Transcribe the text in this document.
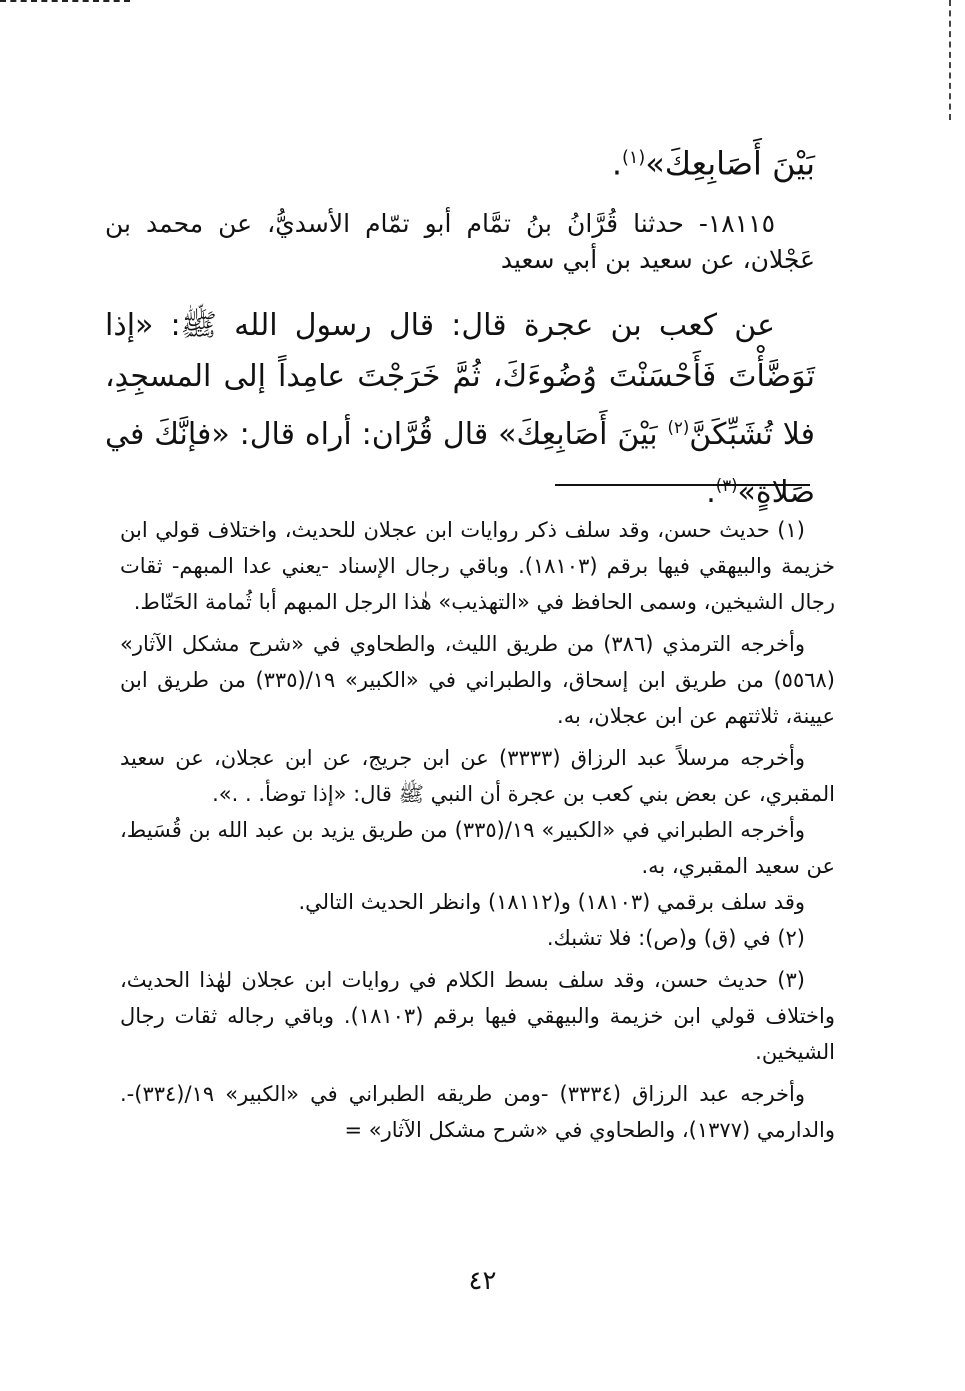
بَيْنَ أَصَابِعِكَ»$^{(١)}$.

١٨١١٥- حدثنا قُرَّانُ بنُ تمَّام أبو تمّام الأسديُّ، عن محمد بن عَجْلان، عن سعيد بن أبي سعيد

عن كعب بن عجرة قال: قال رسول الله ﷺ: «إذا تَوَضَّأْتَ فَأَحْسَنْتَ وُضُوءَكَ، ثُمَّ خَرَجْتَ عامِداً إلى المسجِدِ، فلا تُشَبِّكَنَّ$^{(٢)}$ بَيْنَ أَصَابِعِكَ» قال قُرَّان: أراه قال: «فإنَّكَ في صَلاةٍ»$^{(٣)}$.

(١) حديث حسن، وقد سلف ذكر روايات ابن عجلان للحديث، واختلاف قولي ابن خزيمة والبيهقي فيها برقم (١٨١٠٣). وباقي رجال الإسناد -يعني عدا المبهم- ثقات رجال الشيخين، وسمى الحافظ في «التهذيب» هٰذا الرجل المبهم أبا ثُمامة الحَنّاط.

وأخرجه الترمذي (٣٨٦) من طريق الليث، والطحاوي في «شرح مشكل الآثار» (٥٥٦٨) من طريق ابن إسحاق، والطبراني في «الكبير» ١٩/(٣٣٥) من طريق ابن عيينة، ثلاثتهم عن ابن عجلان، به.

وأخرجه مرسلاً عبد الرزاق (٣٣٣٣) عن ابن جريج، عن ابن عجلان، عن سعيد المقبري، عن بعض بني كعب بن عجرة أن النبي ﷺ قال: «إذا توضأ. . .».

وأخرجه الطبراني في «الكبير» ١٩/(٣٣٥) من طريق يزيد بن عبد الله بن قُسَيط، عن سعيد المقبري، به.

وقد سلف برقمي (١٨١٠٣) و(١٨١١٢) وانظر الحديث التالي.

(٢) في (ق) و(ص): فلا تشبك.

(٣) حديث حسن، وقد سلف بسط الكلام في روايات ابن عجلان لهٰذا الحديث، واختلاف قولي ابن خزيمة والبيهقي فيها برقم (١٨١٠٣). وباقي رجاله ثقات رجال الشيخين.

وأخرجه عبد الرزاق (٣٣٣٤) -ومن طريقه الطبراني في «الكبير» ١٩/(٣٣٤)-. والدارمي (١٣٧٧)، والطحاوي في «شرح مشكل الآثار» =

٤٢
